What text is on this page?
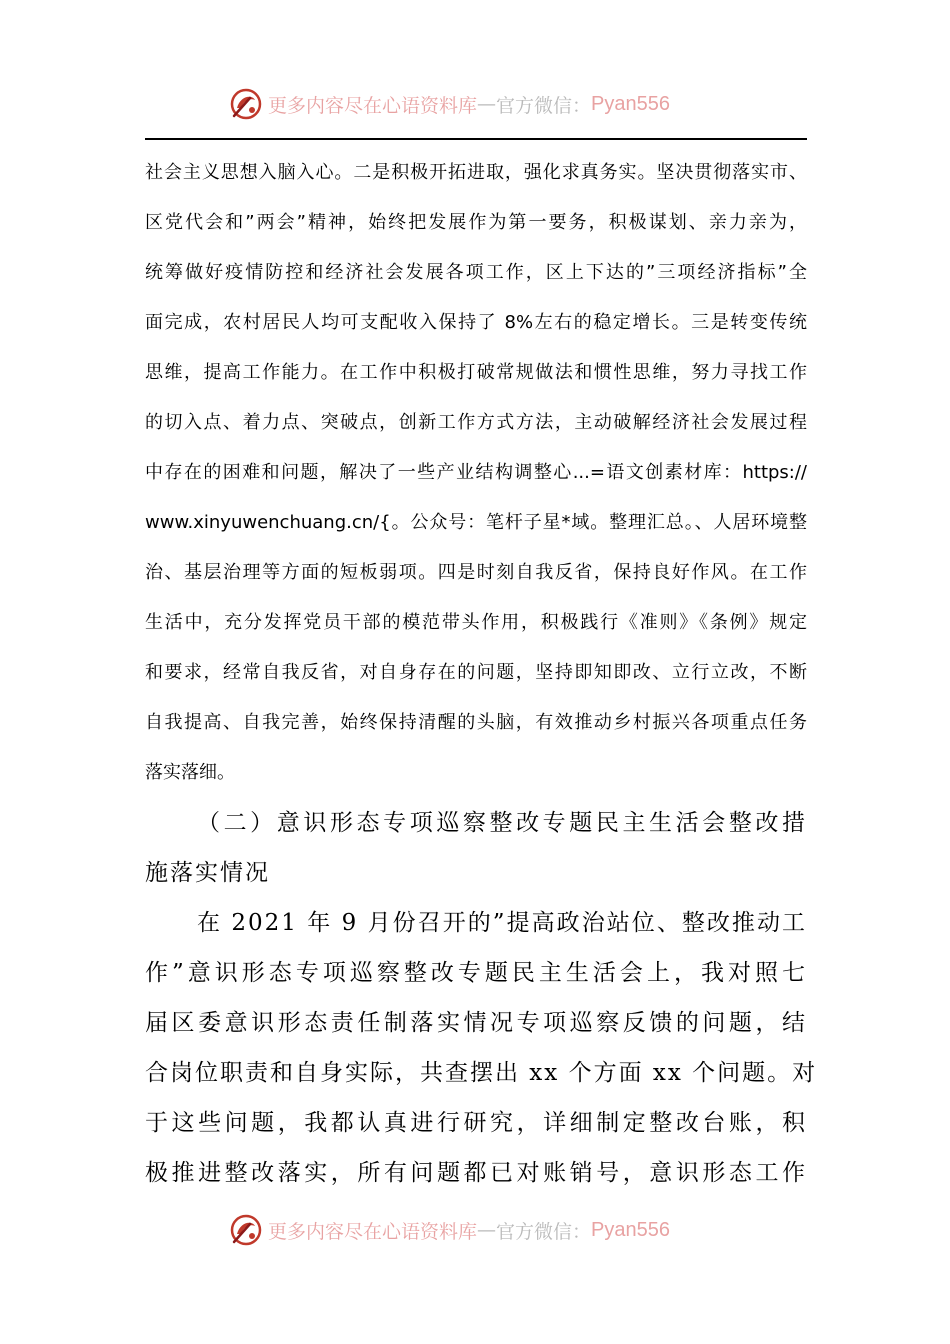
更多内容尽在心语资料库 — 官方微信： Pyan556
社会主义思想入脑入心。二是积极开拓进取，强化求真务实。坚决贯彻落实市、
区党代会和”两会”精神，始终把发展作为第一要务，积极谋划、亲力亲为，
统筹做好疫情防控和经济社会发展各项工作，区上下达的”三项经济指标”全
面完成，农村居民人均可支配收入保持了 8%左右的稳定增长。三是转变传统
思维，提高工作能力。在工作中积极打破常规做法和惯性思维，努力寻找工作
的切入点、着力点、突破点，创新工作方式方法，主动破解经济社会发展过程
中存在的困难和问题，解决了一些产业结构调整心...=语文创素材库：https://
www.xinyuwenchuang.cn/{。公众号：笔杆子星*域。整理汇总。、人居环境整
治、基层治理等方面的短板弱项。四是时刻自我反省，保持良好作风。在工作
生活中，充分发挥党员干部的模范带头作用，积极践行《准则》《条例》规定
和要求，经常自我反省，对自身存在的问题，坚持即知即改、立行立改，不断
自我提高、自我完善，始终保持清醒的头脑，有效推动乡村振兴各项重点任务
落实落细。
（二）意识形态专项巡察整改专题民主生活会整改措
施落实情况
在 2021 年 9 月份召开的”提高政治站位、整改推动工
作”意识形态专项巡察整改专题民主生活会上，我对照七
届区委意识形态责任制落实情况专项巡察反馈的问题，结
合岗位职责和自身实际，共查摆出 xx 个方面 xx 个问题。对
于这些问题，我都认真进行研究，详细制定整改台账，积
极推进整改落实，所有问题都已对账销号，意识形态工作
更多内容尽在心语资料库 — 官方微信： Pyan556
